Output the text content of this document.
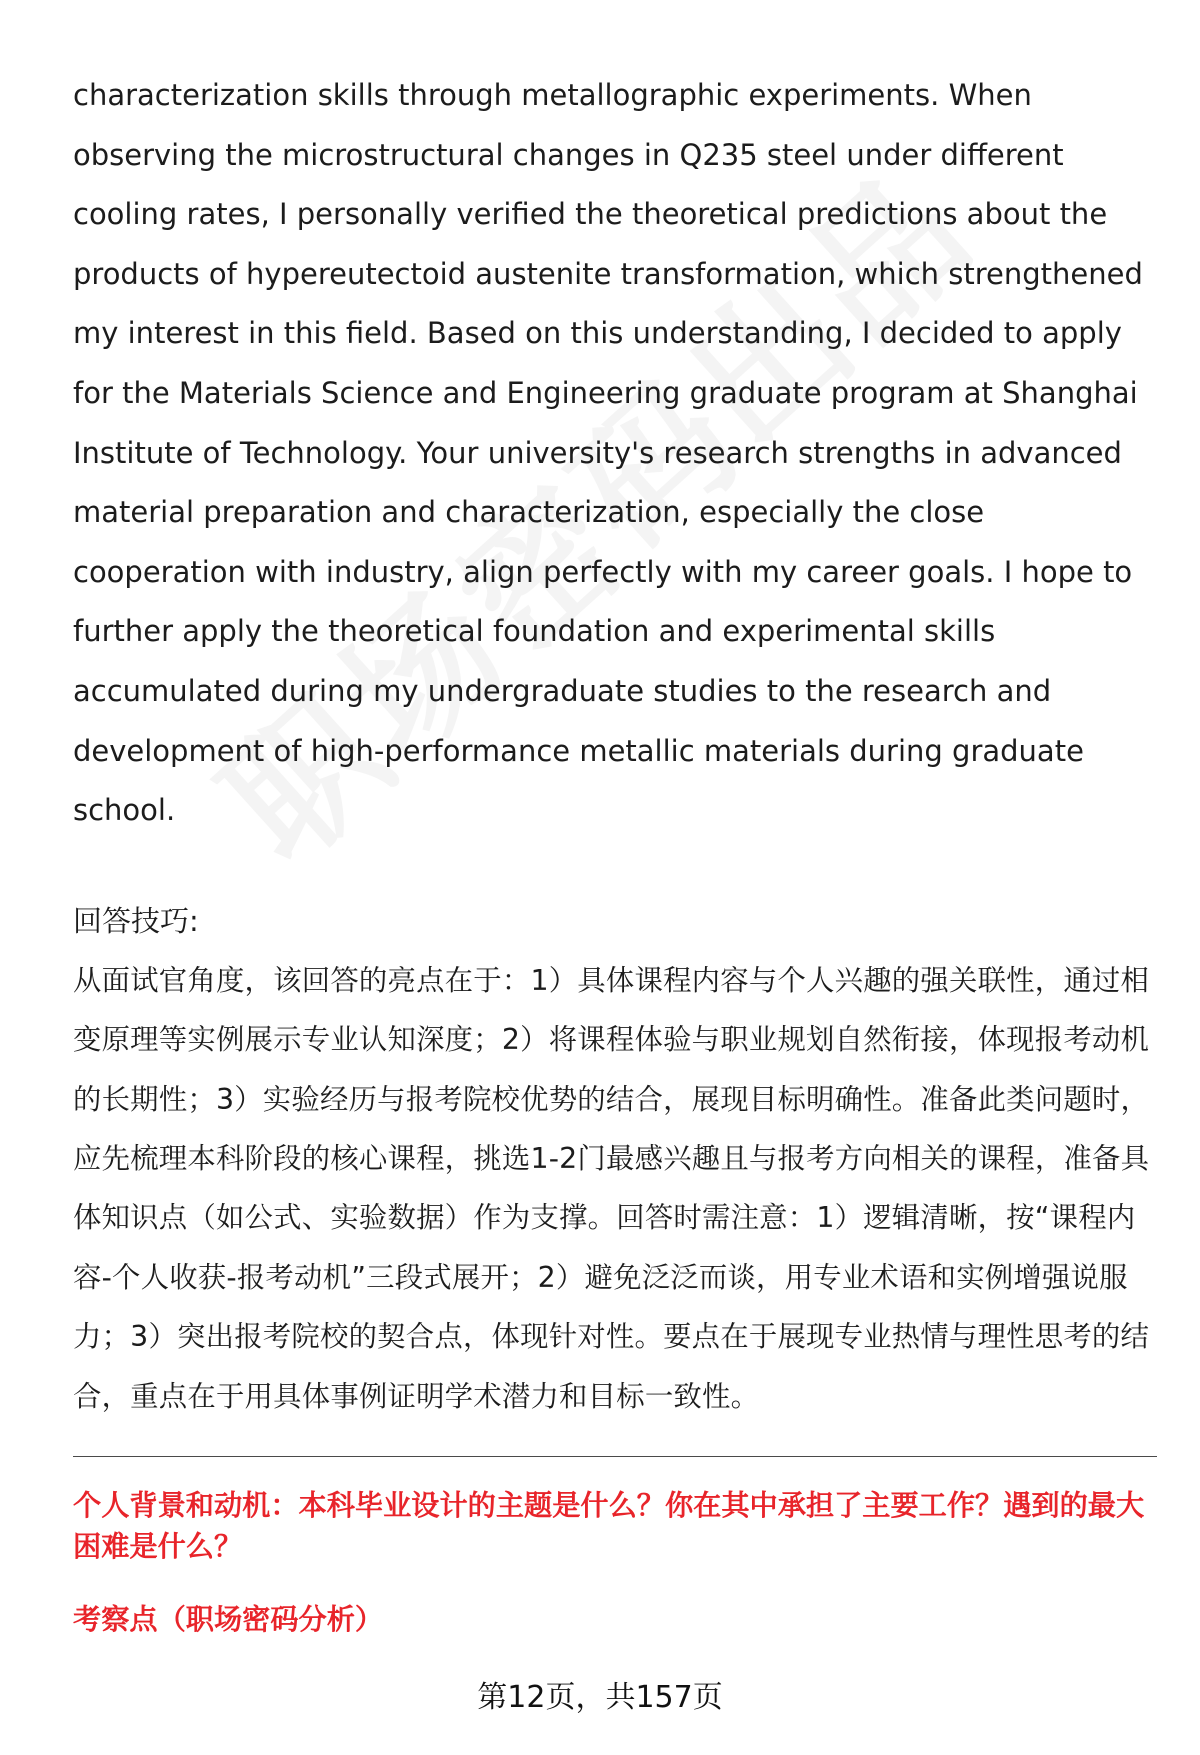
characterization skills through metallographic experiments. When observing the microstructural changes in Q235 steel under different cooling rates, I personally verified the theoretical predictions about the products of hypereutectoid austenite transformation, which strengthened my interest in this field. Based on this understanding, I decided to apply for the Materials Science and Engineering graduate program at Shanghai Institute of Technology. Your university's research strengths in advanced material preparation and characterization, especially the close cooperation with industry, align perfectly with my career goals. I hope to further apply the theoretical foundation and experimental skills accumulated during my undergraduate studies to the research and development of high-performance metallic materials during graduate school.

回答技巧:

从面试官角度，该回答的亮点在于：1）具体课程内容与个人兴趣的强关联性，通过相变原理等实例展示专业认知深度；2）将课程体验与职业规划自然衔接，体现报考动机的长期性；3）实验经历与报考院校优势的结合，展现目标明确性。准备此类问题时，应先梳理本科阶段的核心课程，挑选1-2门最感兴趣且与报考方向相关的课程，准备具体知识点（如公式、实验数据）作为支撑。回答时需注意：1）逻辑清晰，按“课程内容-个人收获-报考动机”三段式展开；2）避免泛泛而谈，用专业术语和实例增强说服力；3）突出报考院校的契合点，体现针对性。要点在于展现专业热情与理性思考的结合，重点在于用具体事例证明学术潜力和目标一致性。

个人背景和动机：本科毕业设计的主题是什么？你在其中承担了主要工作？遇到的最大困难是什么？

考察点（职场密码分析）

第12页，共157页
